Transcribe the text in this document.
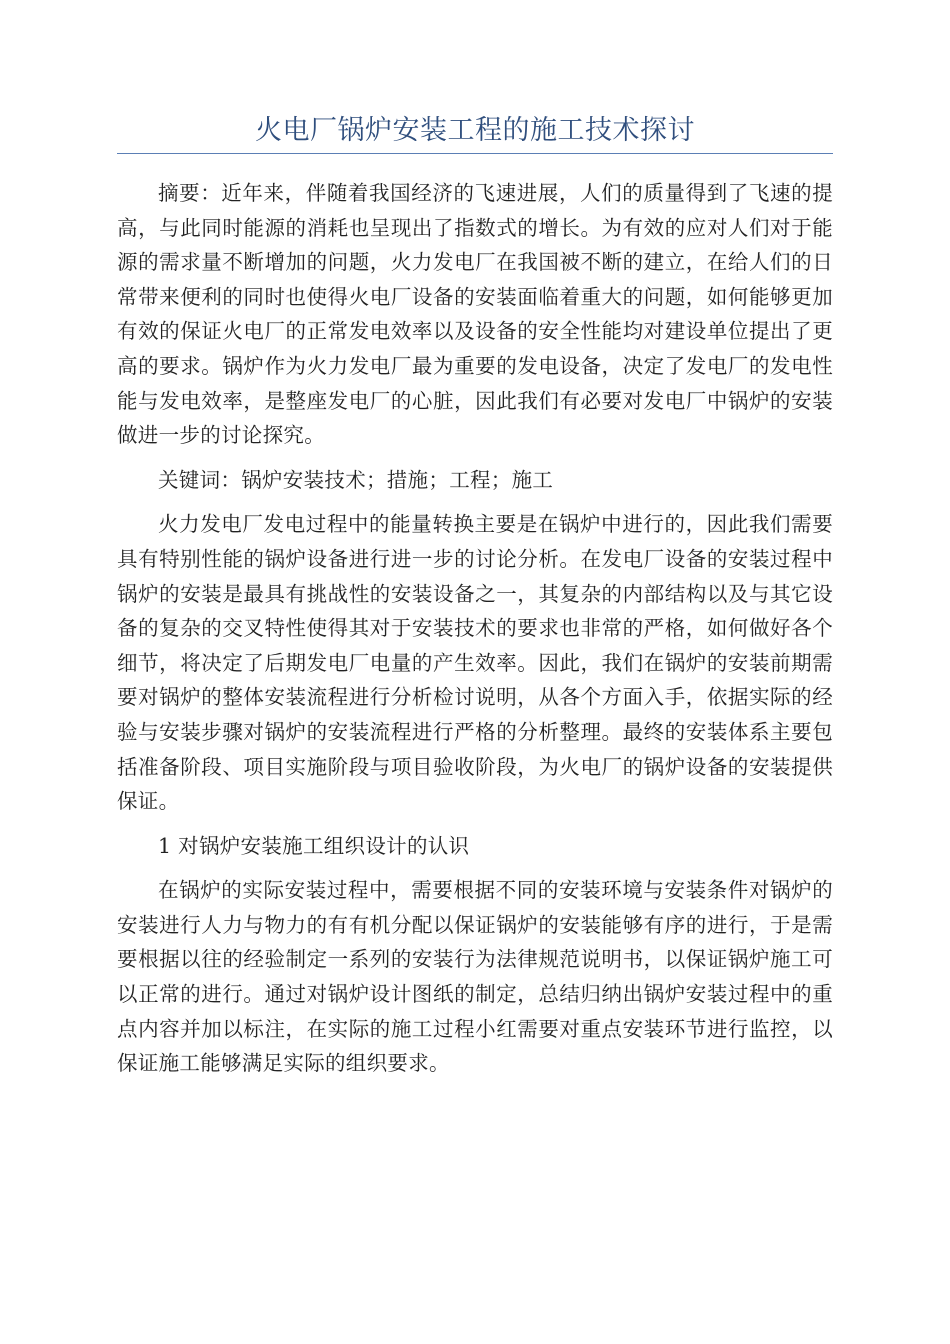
火电厂锅炉安装工程的施工技术探讨

摘要：近年来，伴随着我国经济的飞速进展，人们的质量得到了飞速的提高，与此同时能源的消耗也呈现出了指数式的增长。为有效的应对人们对于能源的需求量不断增加的问题，火力发电厂在我国被不断的建立，在给人们的日常带来便利的同时也使得火电厂设备的安装面临着重大的问题，如何能够更加有效的保证火电厂的正常发电效率以及设备的安全性能均对建设单位提出了更高的要求。锅炉作为火力发电厂最为重要的发电设备，决定了发电厂的发电性能与发电效率，是整座发电厂的心脏，因此我们有必要对发电厂中锅炉的安装做进一步的讨论探究。

关键词：锅炉安装技术；措施；工程；施工

火力发电厂发电过程中的能量转换主要是在锅炉中进行的，因此我们需要具有特别性能的锅炉设备进行进一步的讨论分析。在发电厂设备的安装过程中锅炉的安装是最具有挑战性的安装设备之一，其复杂的内部结构以及与其它设备的复杂的交叉特性使得其对于安装技术的要求也非常的严格，如何做好各个细节，将决定了后期发电厂电量的产生效率。因此，我们在锅炉的安装前期需要对锅炉的整体安装流程进行分析检讨说明，从各个方面入手，依据实际的经验与安装步骤对锅炉的安装流程进行严格的分析整理。最终的安装体系主要包括准备阶段、项目实施阶段与项目验收阶段，为火电厂的锅炉设备的安装提供保证。

1 对锅炉安装施工组织设计的认识

在锅炉的实际安装过程中，需要根据不同的安装环境与安装条件对锅炉的安装进行人力与物力的有有机分配以保证锅炉的安装能够有序的进行，于是需要根据以往的经验制定一系列的安装行为法律规范说明书，以保证锅炉施工可以正常的进行。通过对锅炉设计图纸的制定，总结归纳出锅炉安装过程中的重点内容并加以标注，在实际的施工过程小红需要对重点安装环节进行监控，以保证施工能够满足实际的组织要求。
